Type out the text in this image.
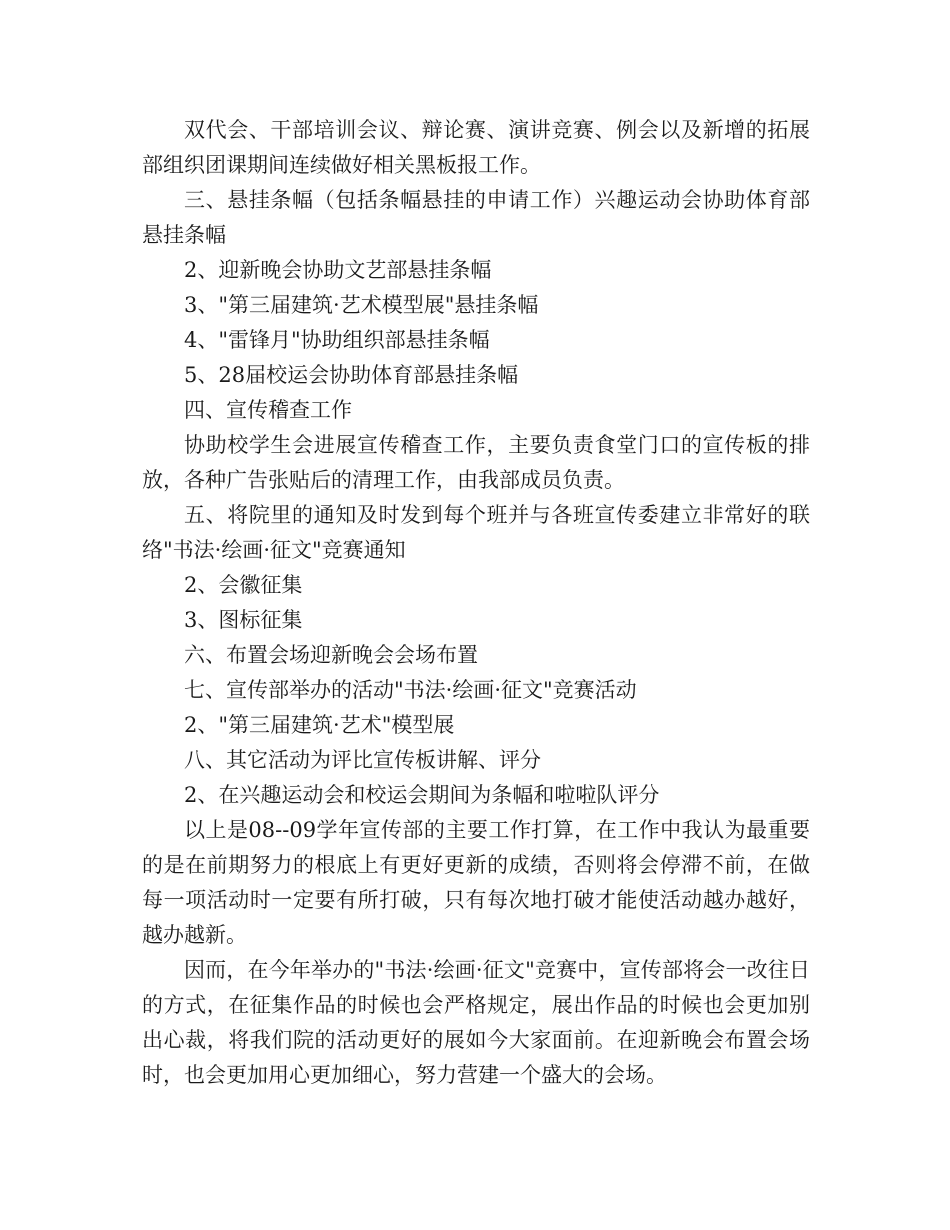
双代会、干部培训会议、辩论赛、演讲竞赛、例会以及新增的拓展部组织团课期间连续做好相关黑板报工作。

三、悬挂条幅（包括条幅悬挂的申请工作）兴趣运动会协助体育部悬挂条幅

2、迎新晚会协助文艺部悬挂条幅

3、"第三届建筑·艺术模型展"悬挂条幅

4、"雷锋月"协助组织部悬挂条幅

5、28届校运会协助体育部悬挂条幅

四、宣传稽查工作

协助校学生会进展宣传稽查工作，主要负责食堂门口的宣传板的排放，各种广告张贴后的清理工作，由我部成员负责。

五、将院里的通知及时发到每个班并与各班宣传委建立非常好的联络"书法·绘画·征文"竞赛通知

2、会徽征集

3、图标征集

六、布置会场迎新晚会会场布置

七、宣传部举办的活动"书法·绘画·征文"竞赛活动

2、"第三届建筑·艺术"模型展

八、其它活动为评比宣传板讲解、评分

2、在兴趣运动会和校运会期间为条幅和啦啦队评分

以上是08--09学年宣传部的主要工作打算，在工作中我认为最重要的是在前期努力的根底上有更好更新的成绩，否则将会停滞不前，在做每一项活动时一定要有所打破，只有每次地打破才能使活动越办越好，越办越新。

因而，在今年举办的"书法·绘画·征文"竞赛中，宣传部将会一改往日的方式，在征集作品的时候也会严格规定，展出作品的时候也会更加别出心裁，将我们院的活动更好的展如今大家面前。在迎新晚会布置会场时，也会更加用心更加细心，努力营建一个盛大的会场。
